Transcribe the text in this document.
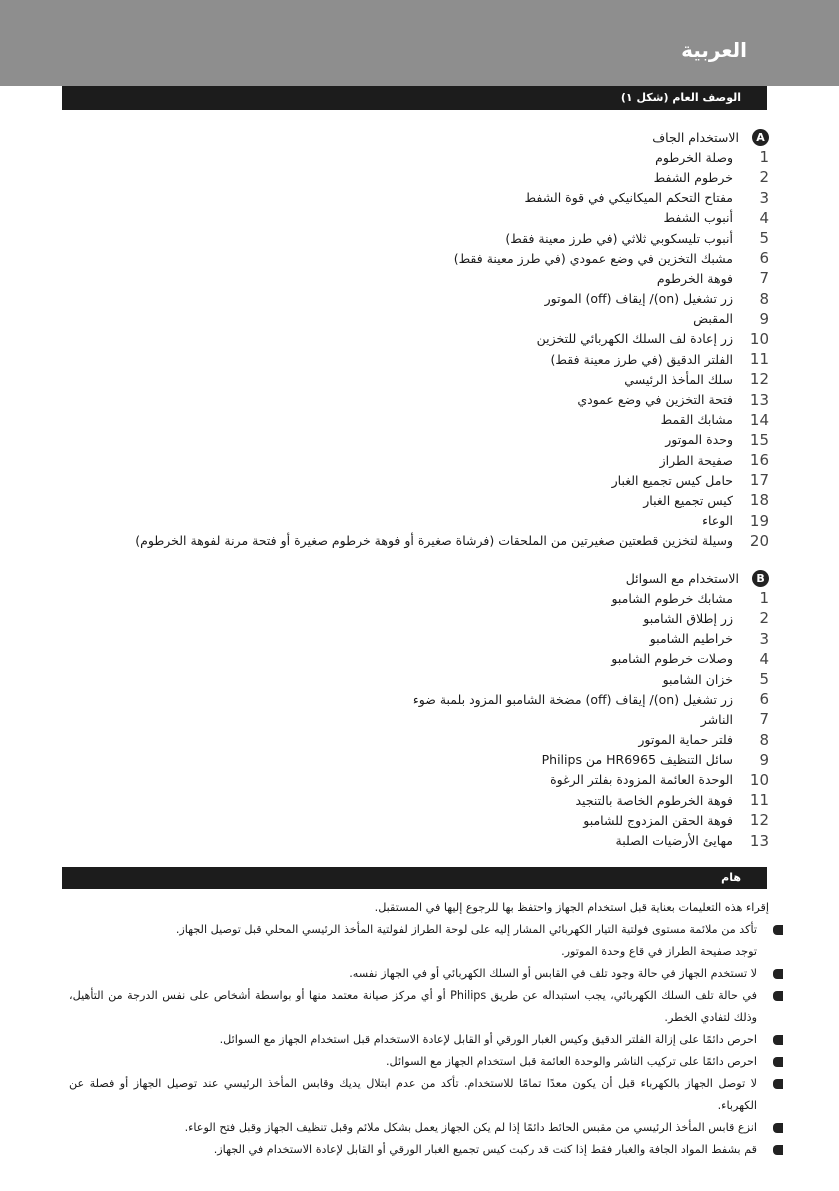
العربية
الوصف العام (شكل ١)
A
الاستخدام الجاف
1
وصلة الخرطوم
2
خرطوم الشفط
3
مفتاح التحكم الميكانيكي في قوة الشفط
4
أنبوب الشفط
5
أنبوب تليسكوبي ثلاثي (في طرز معينة فقط)
6
مشبك التخزين في وضع عمودي (في طرز معينة فقط)
7
فوهة الخرطوم
8
زر تشغيل (on)/ إيقاف (off) الموتور
9
المقبض
10
زر إعادة لف السلك الكهربائي للتخزين
11
الفلتر الدقيق (في طرز معينة فقط)
12
سلك المأخذ الرئيسي
13
فتحة التخزين في وضع عمودي
14
مشابك القمط
15
وحدة الموتور
16
صفيحة الطراز
17
حامل كيس تجميع الغبار
18
كيس تجميع الغبار
19
الوعاء
20
وسيلة لتخزين قطعتين صغيرتين من الملحقات (فرشاة صغيرة أو فوهة خرطوم صغيرة أو فتحة مرنة لفوهة الخرطوم)
B
الاستخدام مع السوائل
1
مشابك خرطوم الشامبو
2
زر إطلاق الشامبو
3
خراطيم الشامبو
4
وصلات خرطوم الشامبو
5
خزان الشامبو
6
زر تشغيل (on)/ إيقاف (off) مضخة الشامبو المزود بلمبة ضوء
7
الناشر
8
فلتر حماية الموتور
9
سائل التنظيف HR6965 من Philips
10
الوحدة العائمة المزودة بفلتر الرغوة
11
فوهة الخرطوم الخاصة بالتنجيد
12
فوهة الحقن المزدوج للشامبو
13
مهايئ الأرضيات الصلبة
هام
إقراء هذه التعليمات بعناية قبل استخدام الجهاز واحتفظ بها للرجوع إليها في المستقبل.
تأكد من ملائمة مستوى فولتية التيار الكهربائي المشار إليه على لوحة الطراز لفولتية المأخذ الرئيسي المحلي قبل توصيل الجهاز.
توجد صفيحة الطراز في قاع وحدة الموتور.
لا تستخدم الجهاز في حالة وجود تلف في القابس أو السلك الكهربائي أو في الجهاز نفسه.
في حالة تلف السلك الكهربائي، يجب استبداله عن طريق Philips أو أي مركز صيانة معتمد منها أو بواسطة أشخاص على نفس الدرجة من التأهيل، وذلك لتفادي الخطر.
احرص دائمًا على إزالة الفلتر الدقيق وكيس الغبار الورقي أو القابل لإعادة الاستخدام قبل استخدام الجهاز مع السوائل.
احرص دائمًا على تركيب الناشر والوحدة العائمة قبل استخدام الجهاز مع السوائل.
لا توصل الجهاز بالكهرباء قبل أن يكون معدًا تمامًا للاستخدام. تأكد من عدم ابتلال يديك وقابس المأخذ الرئيسي عند توصيل الجهاز أو فصلة عن الكهرباء.
انزع قابس المأخذ الرئيسي من مقبس الحائط دائمًا إذا لم يكن الجهاز يعمل بشكل ملائم وقبل تنظيف الجهاز وقبل فتح الوعاء.
قم بشفط المواد الجافة والغبار فقط إذا كنت قد ركبت كيس تجميع الغبار الورقي أو القابل لإعادة الاستخدام في الجهاز.
